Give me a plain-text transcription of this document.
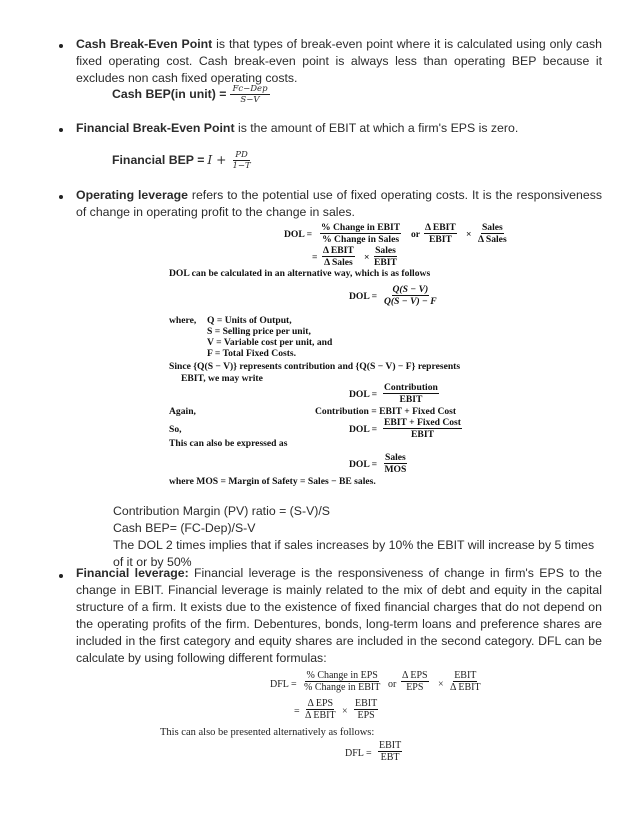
Cash Break-Even Point is that types of break-even point where it is calculated using only cash fixed operating cost. Cash break-even point is always less than operating BEP because it excludes non cash fixed operating costs.
Cash BEP(in unit) = $\frac{\text{Fc−Dep}}{S-V}$
Financial Break-Even Point is the amount of EBIT at which a firm's EPS is zero.
Financial BEP = $I + \frac{PD}{1-T}$
Operating leverage refers to the potential use of fixed operating costs. It is the responsiveness of change in operating profit to the change in sales.
DOL =
% Change in EBIT
% Change in Sales or
Δ EBIT
EBIT ×
Sales
Δ Sales
=
Δ EBIT
Δ Sales ×
Sales
EBIT
DOL can be calculated in an alternative way, which is as follows
DOL = $\frac{Q(S - V)}{Q(S - V) - F}$
where, Q = Units of Output,
S = Selling price per unit,
V = Variable cost per unit, and
F = Total Fixed Costs.
Since {Q(S − V)} represents contribution and {Q(S − V) − F} represents
EBIT, we may write
DOL =
Contribution
EBIT
Again,	Contribution = EBIT + Fixed Cost
So,	DOL =
EBIT + Fixed Cost
EBIT
This can also be expressed as
DOL =
Sales
MOS
where MOS = Margin of Safety = Sales − BE sales.
Contribution Margin (PV) ratio = (S-V)/S
Cash BEP= (FC-Dep)/S-V
The DOL 2 times implies that if sales increases by 10% the EBIT will increase by 5 times of it or by 50%
Financial leverage: Financial leverage is the responsiveness of change in firm's EPS to the change in EBIT. Financial leverage is mainly related to the mix of debt and equity in the capital structure of a firm. It exists due to the existence of fixed financial charges that do not depend on the operating profits of the firm. Debentures, bonds, long-term loans and preference shares are included in the first category and equity shares are included in the second category. DFL can be calculate by using following different formulas:
DFL =
% Change in EPS
% Change in EBIT or
Δ EPS
EPS ×
EBIT
Δ EBIT
=
Δ EPS
Δ EBIT ×
EBIT
EPS
This can also be presented alternatively as follows:
DFL =
EBIT
EBT
